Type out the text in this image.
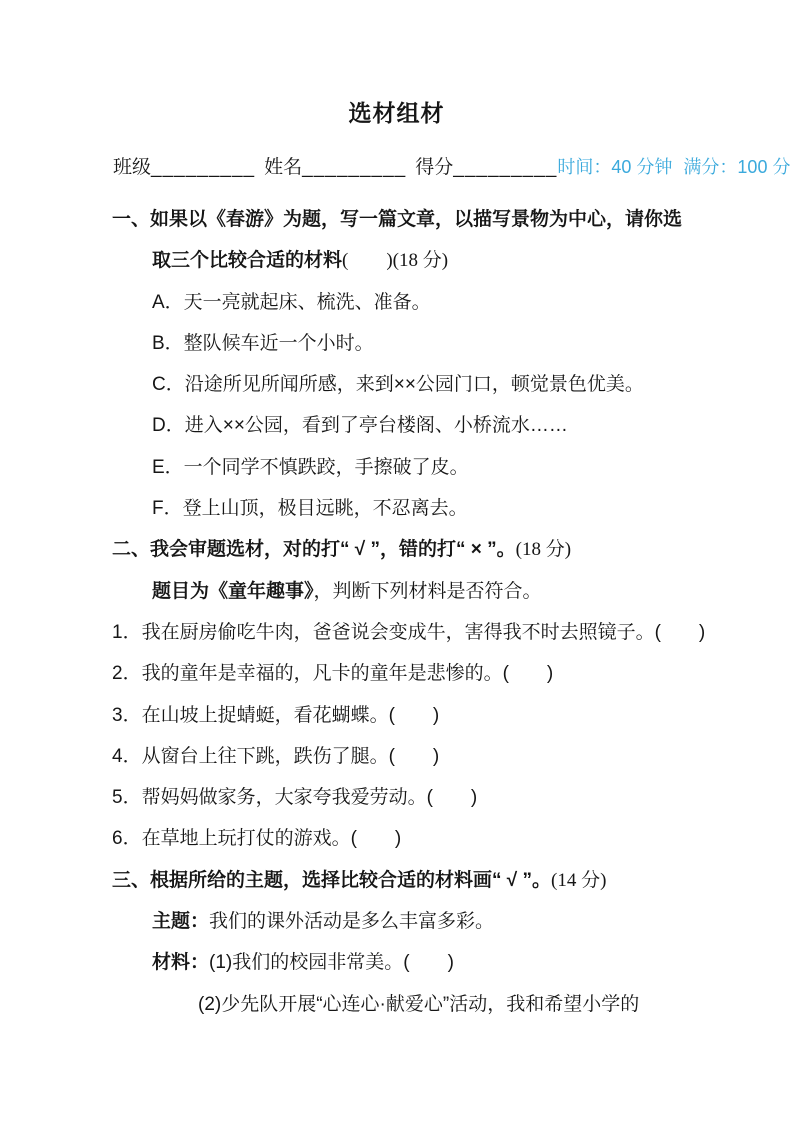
选材组材
班级_________ 姓名_________ 得分_________ 时间：40 分钟 满分：100 分
一、如果以《春游》为题，写一篇文章，以描写景物为中心，请你选
取三个比较合适的材料(　　)(18 分)
A．天一亮就起床、梳洗、准备。
B．整队候车近一个小时。
C．沿途所见所闻所感，来到××公园门口，顿觉景色优美。
D．进入××公园，看到了亭台楼阁、小桥流水……
E．一个同学不慎跌跤，手擦破了皮。
F．登上山顶，极目远眺，不忍离去。
二、我会审题选材，对的打“ √ ”，错的打“ × ”。(18 分)
题目为《童年趣事》，判断下列材料是否符合。
1．我在厨房偷吃牛肉，爸爸说会变成牛，害得我不时去照镜子。(　　)
2．我的童年是幸福的，凡卡的童年是悲惨的。(　　)
3．在山坡上捉蜻蜓，看花蝴蝶。(　　)
4．从窗台上往下跳，跌伤了腿。(　　)
5．帮妈妈做家务，大家夸我爱劳动。(　　)
6．在草地上玩打仗的游戏。(　　)
三、根据所给的主题，选择比较合适的材料画“ √ ”。(14 分)
主题：我们的课外活动是多么丰富多彩。
材料：(1)我们的校园非常美。(　　)
(2)少先队开展“心连心·献爱心”活动，我和希望小学的
